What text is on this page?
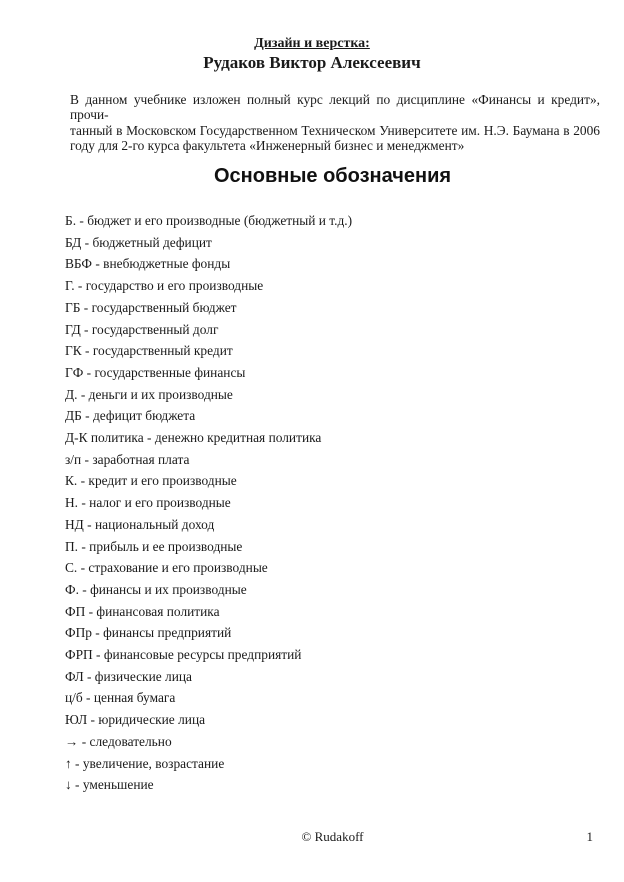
Дизайн и верстка:
Рудаков Виктор Алексеевич
В данном учебнике изложен полный курс лекций по дисциплине «Финансы и кредит», прочи-
танный в Московском Государственном Техническом Университете им. Н.Э. Баумана в 2006
году для 2-го курса факультета «Инженерный бизнес и менеджмент»
Основные обозначения
Б. - бюджет и его производные (бюджетный и т.д.)
БД - бюджетный дефицит
ВБФ - внебюджетные фонды
Г. - государство и его производные
ГБ - государственный бюджет
ГД - государственный долг
ГК - государственный кредит
ГФ - государственные финансы
Д. - деньги и их производные
ДБ - дефицит бюджета
Д-К политика - денежно кредитная политика
з/п - заработная плата
К. - кредит и его производные
Н. - налог и его производные
НД - национальный доход
П. - прибыль и ее производные
С. - страхование и его производные
Ф. - финансы и их производные
ФП - финансовая политика
ФПр - финансы предприятий
ФРП - финансовые ресурсы предприятий
ФЛ - физические лица
ц/б - ценная бумага
ЮЛ - юридические лица
→ - следовательно
↑ - увеличение, возрастание
↓ - уменьшение
© Rudakoff	1
